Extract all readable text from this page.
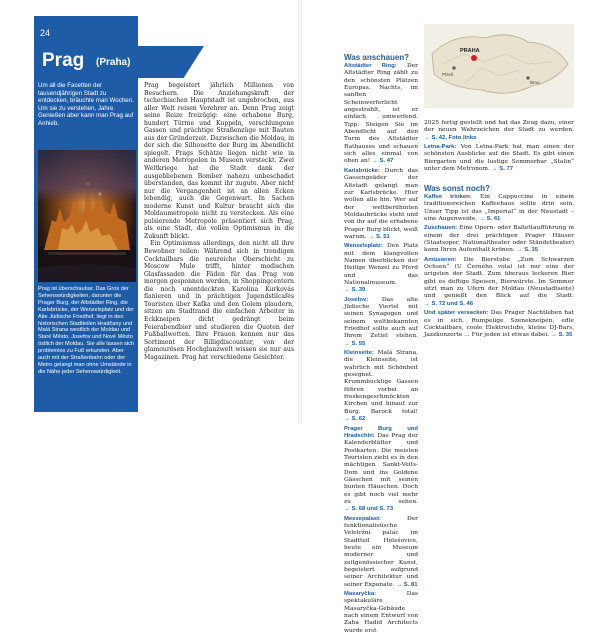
24
Prag (Praha)
Um all die Facetten der tausendjährigen Stadt zu entdecken, bräuchte man Wochen. Um sie zu verstehen, Jahre. Genießen aber kann man Prag auf Anhieb.
Prag ist überschaubar. Das Gros der Sehenswürdigkeiten, darunter die Prager Burg, der Altstädter Ring, die Karlsbrücke, der Wenzelsplatz und der Alte Jüdische Friedhof, liegt in den historischen Stadtteilen Hradčany und Malá Strana westlich der Moldau und Staré Město, Josefov und Nové Město östlich der Moldau. Sie alle lassen sich problemlos zu Fuß erkunden. Aber auch mit der Straßenbahn oder der Metro gelangt man ohne Umstände in die Nähe jeder Sehenswürdigkeit.

Prag begeistert jährlich Millionen von Besuchern. Die Anziehungskraft der tschechischen Hauptstadt ist ungebrochen, aus aller Welt reisen Verehrer an. Denn Prag zeigt seine Reize freizügig: eine erhabene Burg, hundert Türme und Kuppeln, verschlungene Gassen und prächtige Straßenzüge mit Bauten aus der Gründerzeit. Dazwischen die Moldau, in der sich die Silhouette der Burg im Abendlicht spiegelt. Prags Schätze liegen nicht wie in anderen Metropolen in Museen versteckt. Zwei Weltkriege hat die Stadt dank der ausgebliebenen Bomber nahezu unbeschadet überstanden, das kommt ihr zugute. Aber nicht nur die Vergangenheit ist an allen Ecken lebendig, auch die Gegenwart. In Sachen moderne Kunst und Kultur braucht sich die Moldaumetropole nicht zu verstecken. Als eine pulsierende Metropole präsentiert sich Prag, als eine Stadt, die vollen Optimismus in die Zukunft blickt.

Ein Optimismus allerdings, den nicht all ihre Bewohner teilen: Während sich in trendigen Cocktailbars die neureiche Oberschicht zu Moscow Mule trifft, hinter modischen Glasfassaden die Fäden für das Prag von morgen gesponnen werden, in Shoppingcentern die noch unentdeckten Karolína Kurkovás flanieren und in prächtigen Jugendstilcafés Touristen über Kafka und den Golem plaudern, sitzen am Stadtrand die einfachen Arbeiter in Eckkneipen dicht gedrängt beim Feierabendbier und studieren die Quoten der Fußballwetten. Ihre Frauen kennen nur das Sortiment der Billigdiscounter, von der glamourösen Hochglanzwelt wissen sie nur aus Magazinen. Prag hat verschiedene Gesichter.

PRAHA
Brno
Plzeň
Was anschauen?
Altstädter Ring: Der Altstädter Ring zählt zu den schönsten Plätzen Europas. Nachts, im sanften Scheinwerferlicht angestrahlt, ist er einfach umwerfend. Tipp: Steigen Sie im Abendlicht auf den Turm des Altstädter Rathauses und schauen sich alles einmal von oben an! → S. 47
Karlsbrücke: Durch das Gassengeäder der Altstadt gelangt man zur Karlsbrücke. Hier wollen alle hin. Wer auf der weltberühmten Moldaubrücke steht und von ihr auf die erhabene Prager Burg blickt, weiß warum. → S. 51
Wenzelsplatz: Den Platz mit dem klangvollen Namen überblicken der Heilige Wenzel zu Pferd und das Nationalmuseum. → S. 39
Josefov: Das alte Jüdische Viertel mit seinen Synagogen und seinem weltbekannten Friedhof sollte auch auf Ihrem Zettel stehen. → S. 55
Kleinseite: Malá Strana, die Kleinseite, ist wahrlich mit Schönheit gesegnet. Krummbucklige Gassen führen vorbei an freskengeschmückten Kirchen und hinauf zur Burg. Barock total! → S. 62
Prager Burg und Hradschin: Das Prag der Kalenderblätter und Postkarten. Die meisten Touristen zieht es in den mächtigen Sankt-Veits-Dom und ins Goldene Gässchen mit seinen bunten Häuschen. Doch es gibt noch viel mehr zu sehen. → S. 68 und S. 73
Messepalast:	Der funktionalistische Veletržní palác im Stadtteil Holešovice, heute ein Museum moderner und zeitgenössischer Kunst, begeistert aufgrund seiner Architektur und seiner Exponate. → S. 81
Masaryčka:	Das spektakuläre Masaryčka-Gebäude nach einem Entwurf von Zaha Hadid Architects wurde erst
2025 fertig gestellt und hat das Zeug dazu, einer der neuen Wahrzeichen der Stadt zu werden. → S. 42, Foto links
Letna-Park: Von Letna-Park hat man einen der schönsten Ausblicke auf die Stadt. Es gibt einen Biergarten und die lustige Sommerbar „Stalin“ unter dem Metronom. → S. 77
Was sonst noch?
Kaffee trinken: Ein Cappuccino in einem traditionsreichen Kaffeehaus sollte drin sein. Unser Tipp ist das „Imperial“ in der Neustadt – eine Augenweide. → S. 41
Zuschauen: Eine Opern- oder Ballettaufführung in einem der drei prächtigen Prager Häuser (Staatsoper, Nationaltheater oder Ständetheater) kann Ihren Aufenthalt krönen. → S. 35
Amüsieren: Die Bierstube „Zum Schwarzen Ochsen“ (U Černého vola) ist nur eine der urigsten der Stadt. Zum überaus leckeren Bier gibt es deftige Speisen, Bierwürste. Im Sommer sitzt man zu Ufern der Moldau (Neustadtseite) und genießt den Blick auf die Stadt. → S. 72 und S. 46
Und später versacken: Das Prager Nachtleben hat es in sich. Rumpelige Szenekneipen, edle Cocktailbars, coole Elektroclubs, kleine DJ-Bars, Jazzkonzerte ... Für jeden ist etwas dabei. → S. 35
